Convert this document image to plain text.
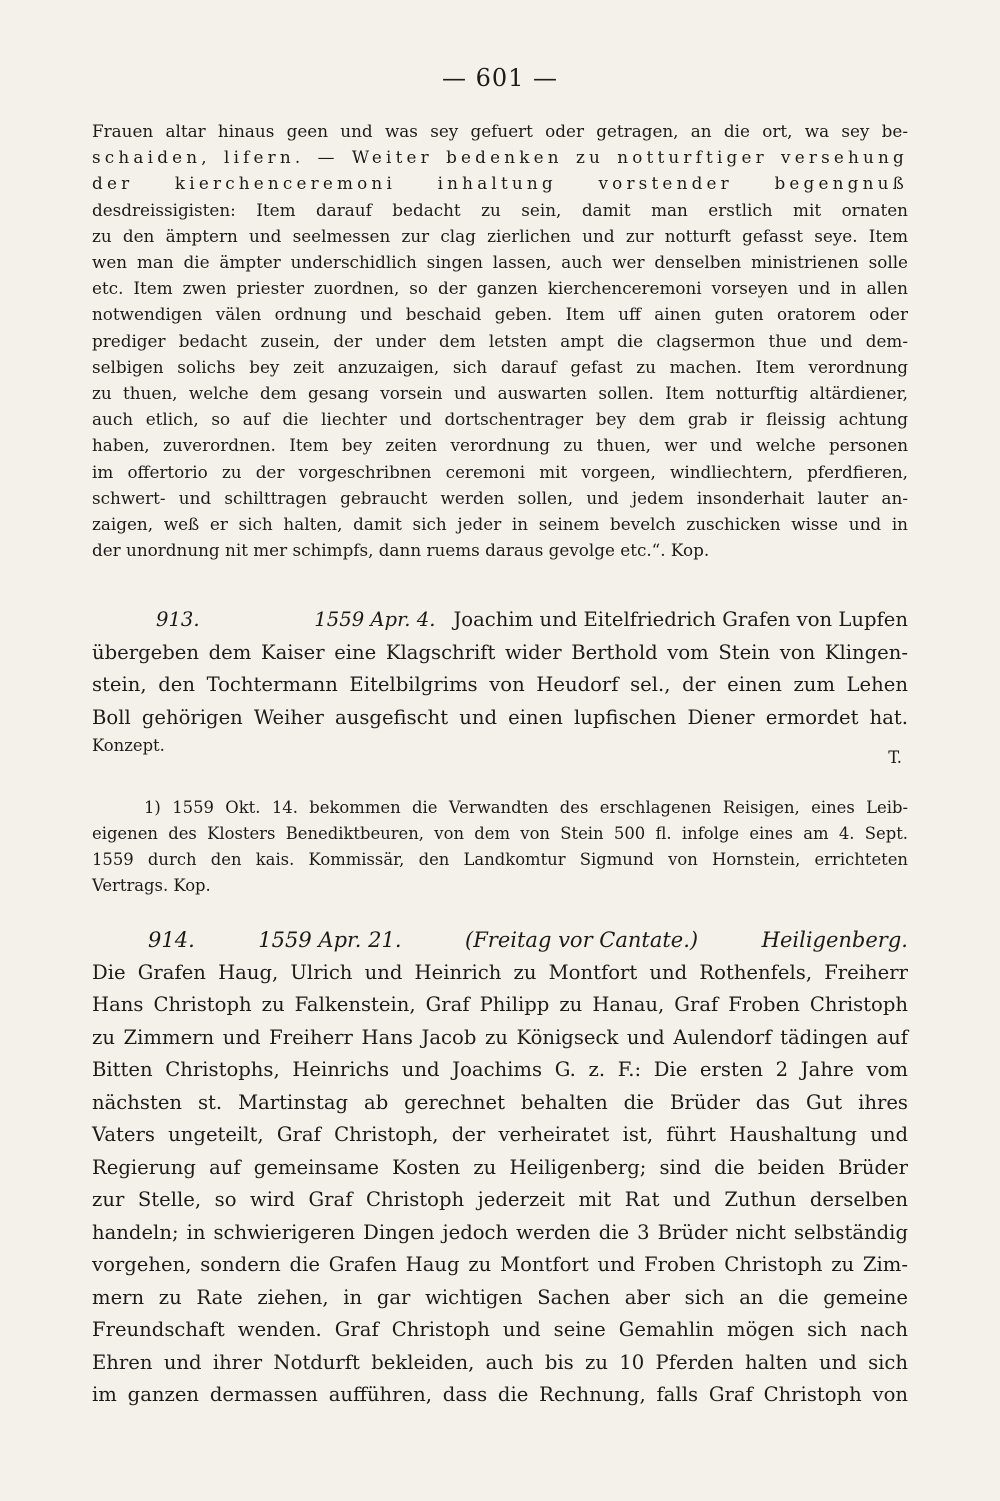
— 601 —
Frauen altar hinaus geen und was sey gefuert oder getragen, an die ort, wa sey be-
schaiden, lifern. — Weiter bedenken zu notturftiger versehung
der kierchenceremoni inhaltung vorstender begengnuß
desdreissigisten: Item darauf bedacht zu sein, damit man erstlich mit ornaten
zu den ämptern und seelmessen zur clag zierlichen und zur notturft gefasst seye. Item
wen man die ämpter underschidlich singen lassen, auch wer denselben ministrienen solle
etc. Item zwen priester zuordnen, so der ganzen kierchenceremoni vorseyen und in allen
notwendigen välen ordnung und beschaid geben. Item uff ainen guten oratorem oder
prediger bedacht zusein, der under dem letsten ampt die clagsermon thue und dem-
selbigen solichs bey zeit anzuzaigen, sich darauf gefast zu machen. Item verordnung
zu thuen, welche dem gesang vorsein und auswarten sollen. Item notturftig altärdiener,
auch etlich, so auf die liechter und dortschentrager bey dem grab ir fleissig achtung
haben, zuverordnen. Item bey zeiten verordnung zu thuen, wer und welche personen
im offertorio zu der vorgeschribnen ceremoni mit vorgeen, windliechtern, pferdfieren,
schwert- und schilttragen gebraucht werden sollen, und jedem insonderhait lauter an-
zaigen, weß er sich halten, damit sich jeder in seinem bevelch zuschicken wisse und in
der unordnung nit mer schimpfs, dann ruems daraus gevolge etc.“. Kop.
913.	1559 Apr. 4. Joachim und Eitelfriedrich Grafen von Lupfen
übergeben dem Kaiser eine Klagschrift wider Berthold vom Stein von Klingen-
stein, den Tochtermann Eitelbilgrims von Heudorf sel., der einen zum Lehen
Boll gehörigen Weiher ausgefischt und einen lupfischen Diener ermordet hat.
Konzept.
T.
1) 1559 Okt. 14. bekommen die Verwandten des erschlagenen Reisigen, eines Leib-
eigenen des Klosters Benediktbeuren, von dem von Stein 500 fl. infolge eines am 4. Sept.
1559 durch den kais. Kommissär, den Landkomtur Sigmund von Hornstein, errichteten
Vertrags. Kop.
914.	1559 Apr. 21.	(Freitag vor Cantate.)	Heiligenberg.
Die Grafen Haug, Ulrich und Heinrich zu Montfort und Rothenfels, Freiherr
Hans Christoph zu Falkenstein, Graf Philipp zu Hanau, Graf Froben Christoph
zu Zimmern und Freiherr Hans Jacob zu Königseck und Aulendorf tädingen auf
Bitten Christophs, Heinrichs und Joachims G. z. F.: Die ersten 2 Jahre vom
nächsten st. Martinstag ab gerechnet behalten die Brüder das Gut ihres
Vaters ungeteilt, Graf Christoph, der verheiratet ist, führt Haushaltung und
Regierung auf gemeinsame Kosten zu Heiligenberg; sind die beiden Brüder
zur Stelle, so wird Graf Christoph jederzeit mit Rat und Zuthun derselben
handeln; in schwierigeren Dingen jedoch werden die 3 Brüder nicht selbständig
vorgehen, sondern die Grafen Haug zu Montfort und Froben Christoph zu Zim-
mern zu Rate ziehen, in gar wichtigen Sachen aber sich an die gemeine
Freundschaft wenden. Graf Christoph und seine Gemahlin mögen sich nach
Ehren und ihrer Notdurft bekleiden, auch bis zu 10 Pferden halten und sich
im ganzen dermassen aufführen, dass die Rechnung, falls Graf Christoph von
